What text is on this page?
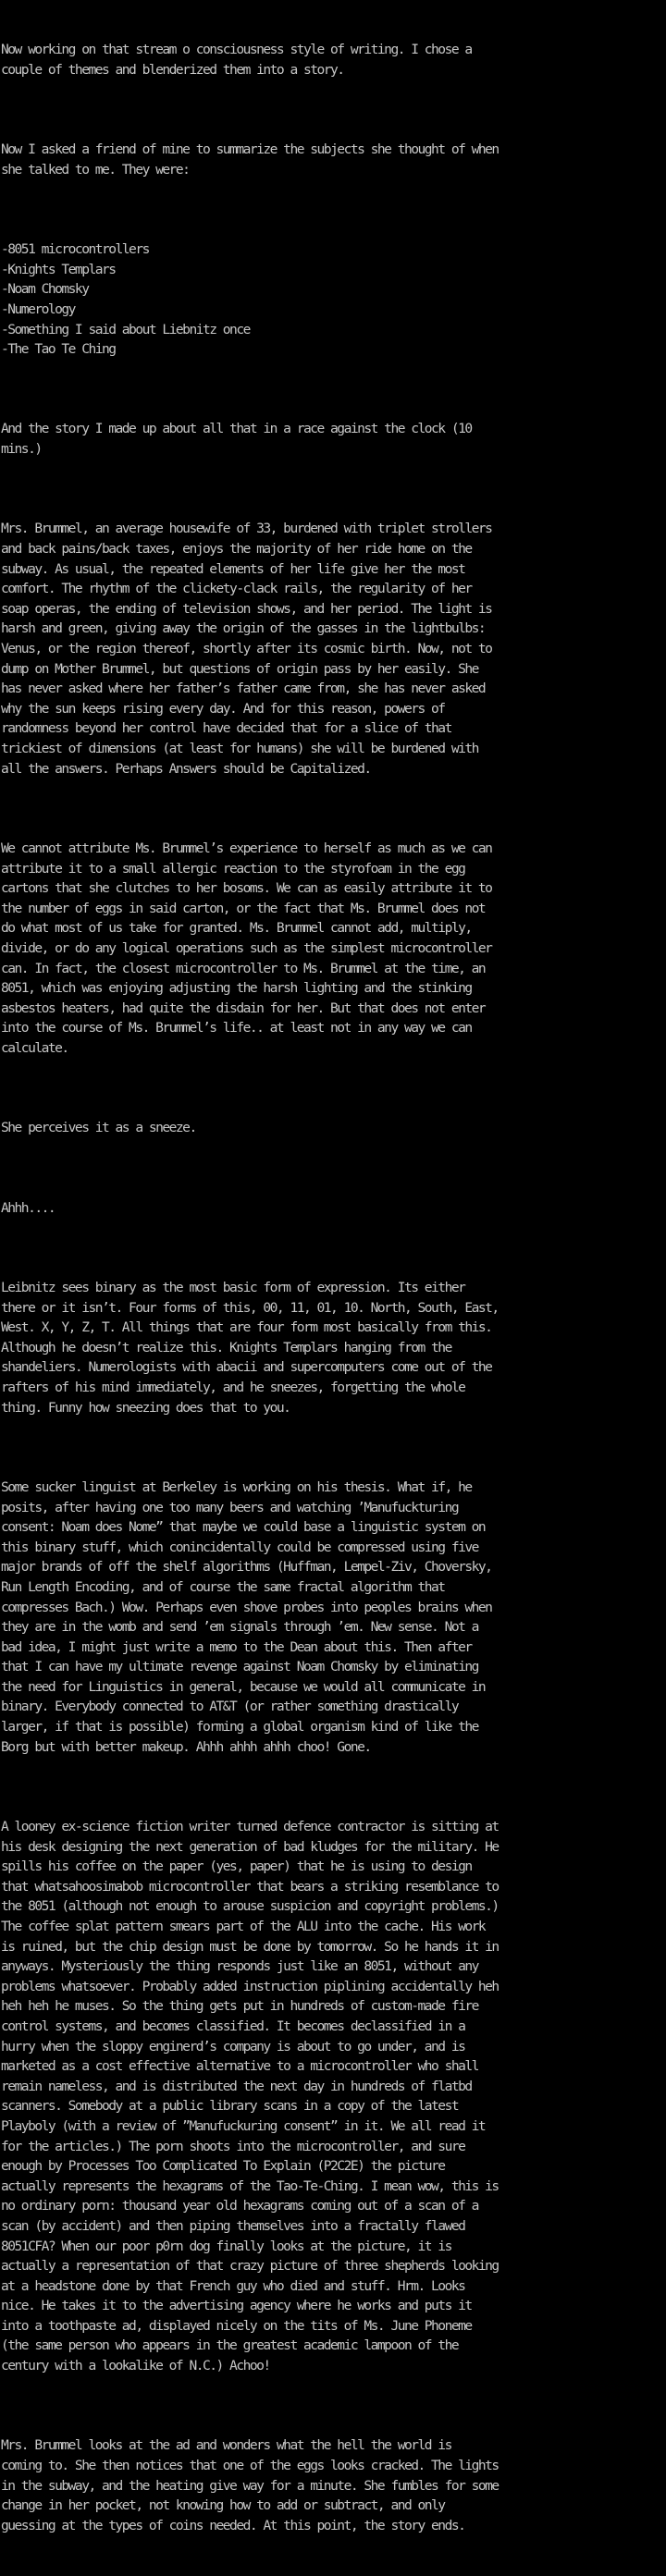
Now working on that stream o consciousness style of writing. I chose a
couple of themes and blenderized them into a story.

Now I asked a friend of mine to summarize the subjects she thought of when
she talked to me. They were:

-8051 microcontrollers
-Knights Templars
-Noam Chomsky
-Numerology
-Something I said about Liebnitz once
-The Tao Te Ching

And the story I made up about all that in a race against the clock (10
mins.)

Mrs. Brummel, an average housewife of 33, burdened with triplet strollers
and back pains/back taxes, enjoys the majority of her ride home on the
subway. As usual, the repeated elements of her life give her the most
comfort. The rhythm of the clickety-clack rails, the regularity of her
soap operas, the ending of television shows, and her period. The light is
harsh and green, giving away the origin of the gasses in the lightbulbs:
Venus, or the region thereof, shortly after its cosmic birth. Now, not to
dump on Mother Brummel, but questions of origin pass by her easily. She
has never asked where her father’s father came from, she has never asked
why the sun keeps rising every day. And for this reason, powers of
randomness beyond her control have decided that for a slice of that
trickiest of dimensions (at least for humans) she will be burdened with
all the answers. Perhaps Answers should be Capitalized.

We cannot attribute Ms. Brummel’s experience to herself as much as we can
attribute it to a small allergic reaction to the styrofoam in the egg
cartons that she clutches to her bosoms. We can as easily attribute it to
the number of eggs in said carton, or the fact that Ms. Brummel does not
do what most of us take for granted. Ms. Brummel cannot add, multiply,
divide, or do any logical operations such as the simplest microcontroller
can. In fact, the closest microcontroller to Ms. Brummel at the time, an
8051, which was enjoying adjusting the harsh lighting and the stinking
asbestos heaters, had quite the disdain for her. But that does not enter
into the course of Ms. Brummel’s life.. at least not in any way we can
calculate.

She perceives it as a sneeze.

Ahhh....

Leibnitz sees binary as the most basic form of expression. Its either
there or it isn’t. Four forms of this, 00, 11, 01, 10. North, South, East,
West. X, Y, Z, T. All things that are four form most basically from this.
Although he doesn’t realize this. Knights Templars hanging from the
shandeliers. Numerologists with abacii and supercomputers come out of the
rafters of his mind immediately, and he sneezes, forgetting the whole
thing. Funny how sneezing does that to you.

Some sucker linguist at Berkeley is working on his thesis. What if, he
posits, after having one too many beers and watching ’Manufuckturing
consent: Noam does Nome” that maybe we could base a linguistic system on
this binary stuff, which conincidentally could be compressed using five
major brands of off the shelf algorithms (Huffman, Lempel-Ziv, Choversky,
Run Length Encoding, and of course the same fractal algorithm that
compresses Bach.) Wow. Perhaps even shove probes into peoples brains when
they are in the womb and send ’em signals through ’em. New sense. Not a
bad idea, I might just write a memo to the Dean about this. Then after
that I can have my ultimate revenge against Noam Chomsky by eliminating
the need for Linguistics in general, because we would all communicate in
binary. Everybody connected to AT&T (or rather something drastically
larger, if that is possible) forming a global organism kind of like the
Borg but with better makeup. Ahhh ahhh ahhh choo! Gone.

A looney ex-science fiction writer turned defence contractor is sitting at
his desk designing the next generation of bad kludges for the military. He
spills his coffee on the paper (yes, paper) that he is using to design
that whatsahoosimabob microcontroller that bears a striking resemblance to
the 8051 (although not enough to arouse suspicion and copyright problems.)
The coffee splat pattern smears part of the ALU into the cache. His work
is ruined, but the chip design must be done by tomorrow. So he hands it in
anyways. Mysteriously the thing responds just like an 8051, without any
problems whatsoever. Probably added instruction piplining accidentally heh
heh heh he muses. So the thing gets put in hundreds of custom-made fire
control systems, and becomes classified. It becomes declassified in a
hurry when the sloppy enginerd’s company is about to go under, and is
marketed as a cost effective alternative to a microcontroller who shall
remain nameless, and is distributed the next day in hundreds of flatbd
scanners. Somebody at a public library scans in a copy of the latest
Playboly (with a review of ”Manufuckuring consent” in it. We all read it
for the articles.) The porn shoots into the microcontroller, and sure
enough by Processes Too Complicated To Explain (P2C2E) the picture
actually represents the hexagrams of the Tao-Te-Ching. I mean wow, this is
no ordinary porn: thousand year old hexagrams coming out of a scan of a
scan (by accident) and then piping themselves into a fractally flawed
8051CFA? When our poor p0rn dog finally looks at the picture, it is
actually a representation of that crazy picture of three shepherds looking
at a headstone done by that French guy who died and stuff. Hrm. Looks
nice. He takes it to the advertising agency where he works and puts it
into a toothpaste ad, displayed nicely on the tits of Ms. June Phoneme
(the same person who appears in the greatest academic lampoon of the
century with a lookalike of N.C.) Achoo!

Mrs. Brummel looks at the ad and wonders what the hell the world is
coming to. She then notices that one of the eggs looks cracked. The lights
in the subway, and the heating give way for a minute. She fumbles for some
change in her pocket, not knowing how to add or subtract, and only
guessing at the types of coins needed. At this point, the story ends.
